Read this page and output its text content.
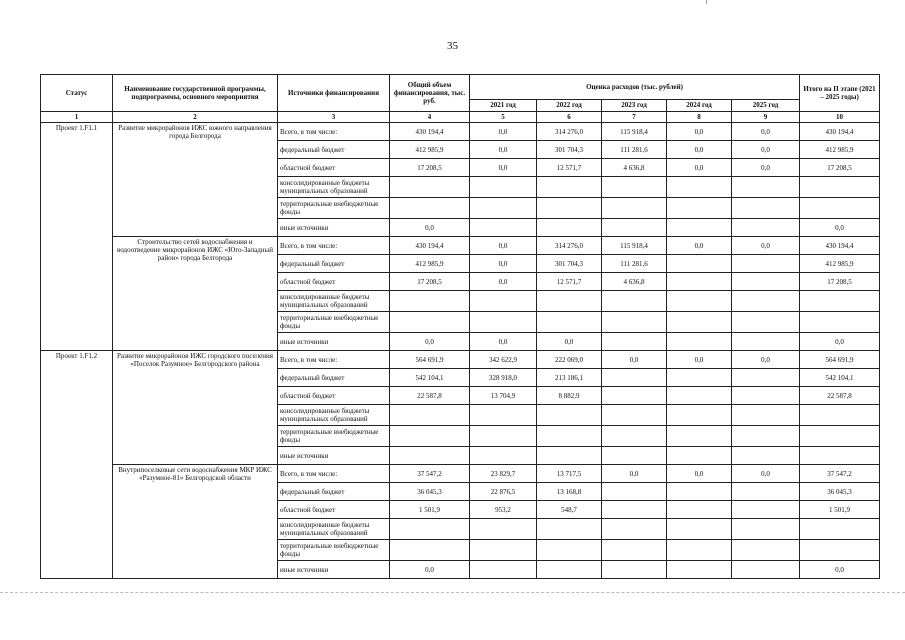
35
Статус	Наименование государственной программы, подпрограммы, основного мероприятия	Источники финансирования	Общий объем финансирования, тыс. руб.	Оценка расходов (тыс. рублей)					Итого на II этапе (2021 – 2025 годы)
				2021 год	2022 год	2023 год	2024 год	2025 год	
1	2	3	4	5	6	7	8	9	10
Проект 1.F1.1	Развитие микрорайонов ИЖС южного направления города Белгорода	Всего, в том числе:	430 194,4	0,0	314 276,0	115 918,4	0,0	0,0	430 194,4
		федеральный бюджет	412 985,9	0,0	301 704,3	111 281,6	0,0	0,0	412 985,9
		областной бюджет	17 208,5	0,0	12 571,7	4 636,8	0,0	0,0	17 208,5
		консолидированные бюджеты муниципальных образований							
		территориальные внебюджетные фонды							
		иные источники	0,0						0,0
	Строительство сетей водоснабжения и водоотведение микрорайонов ИЖС «Юго-Западный район» города Белгорода	Всего, в том числе:	430 194,4	0,0	314 276,0	115 918,4	0,0	0,0	430 194,4
		федеральный бюджет	412 985,9	0,0	301 704,3	111 281,6			412 985,9
		областной бюджет	17 208,5	0,0	12 571,7	4 636,8			17 208,5
		консолидированные бюджеты муниципальных образований							
		территориальные внебюджетные фонды							
		иные источники	0,0	0,0	0,0				0,0
Проект 1.F1.2	Развитие микрорайонов ИЖС городского поселения «Поселок Разумное» Белгородского района	Всего, в том числе:	564 691,9	342 622,9	222 069,0	0,0	0,0	0,0	564 691,9
		федеральный бюджет	542 104,1	328 918,0	213 186,1				542 104,1
		областной бюджет	22 587,8	13 704,9	8 882,9				22 587,8
		консолидированные бюджеты муниципальных образований							
		территориальные внебюджетные фонды							
		иные источники							
	Внутрипоселковые сети водоснабжения МКР ИЖС «Разумное-81» Белгородской области	Всего, в том числе:	37 547,2	23 829,7	13 717,5	0,0	0,0	0,0	37 547,2
		федеральный бюджет	36 045,3	22 876,5	13 168,8				36 045,3
		областной бюджет	1 501,9	953,2	548,7				1 501,9
		консолидированные бюджеты муниципальных образований							
		территориальные внебюджетные фонды							
		иные источники	0,0						0,0
